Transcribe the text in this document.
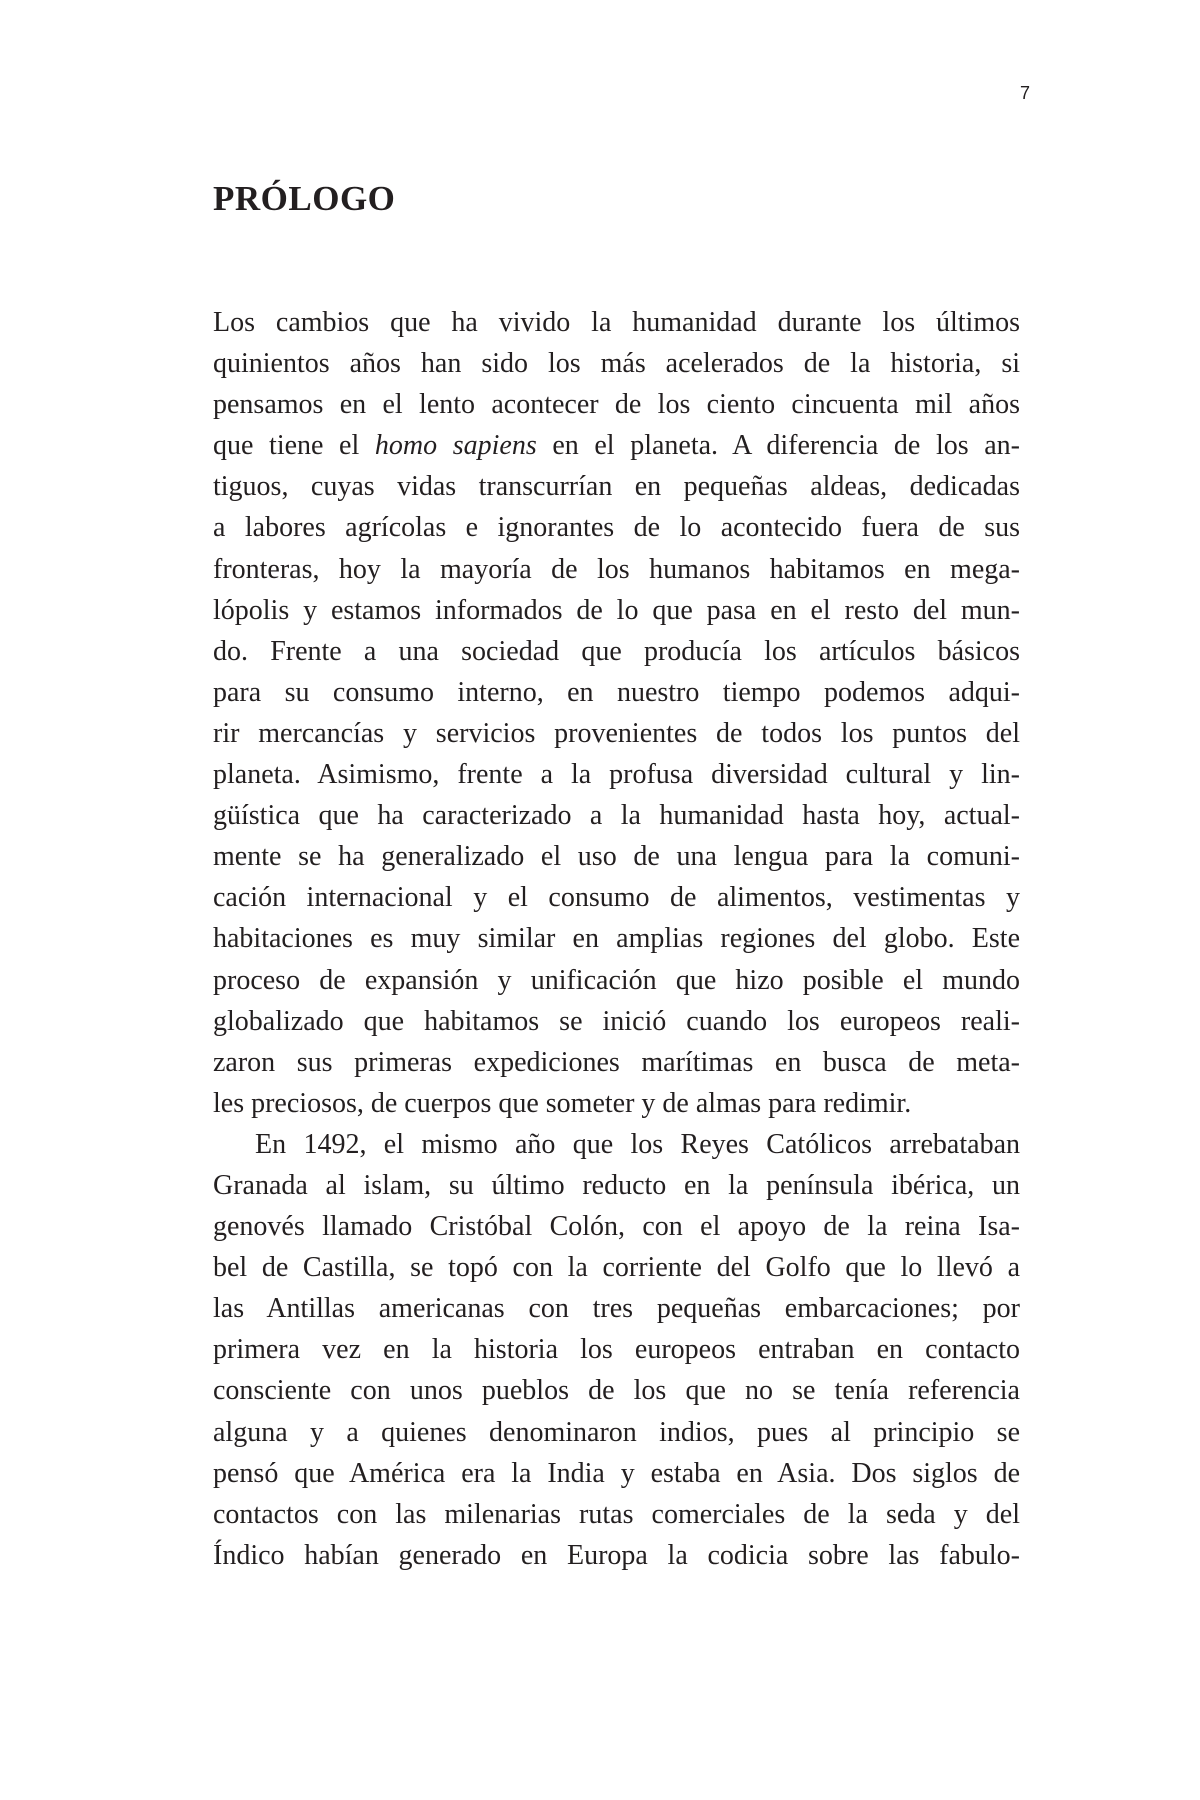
7
PRÓLOGO
Los cambios que ha vivido la humanidad durante los últimos
quinientos años han sido los más acelerados de la historia, si
pensamos en el lento acontecer de los ciento cincuenta mil años
que tiene el homo sapiens en el planeta. A diferencia de los an-
tiguos, cuyas vidas transcurrían en pequeñas aldeas, dedicadas
a labores agrícolas e ignorantes de lo acontecido fuera de sus
fronteras, hoy la mayoría de los humanos habitamos en mega-
lópolis y estamos informados de lo que pasa en el resto del mun-
do. Frente a una sociedad que producía los artículos básicos
para su consumo interno, en nuestro tiempo podemos adqui-
rir mercancías y servicios provenientes de todos los puntos del
planeta. Asimismo, frente a la profusa diversidad cultural y lin-
güística que ha caracterizado a la humanidad hasta hoy, actual-
mente se ha generalizado el uso de una lengua para la comuni-
cación internacional y el consumo de alimentos, vestimentas y
habitaciones es muy similar en amplias regiones del globo. Este
proceso de expansión y unificación que hizo posible el mundo
globalizado que habitamos se inició cuando los europeos reali-
zaron sus primeras expediciones marítimas en busca de meta-
les preciosos, de cuerpos que someter y de almas para redimir.
En 1492, el mismo año que los Reyes Católicos arrebataban
Granada al islam, su último reducto en la península ibérica, un
genovés llamado Cristóbal Colón, con el apoyo de la reina Isa-
bel de Castilla, se topó con la corriente del Golfo que lo llevó a
las Antillas americanas con tres pequeñas embarcaciones; por
primera vez en la historia los europeos entraban en contacto
consciente con unos pueblos de los que no se tenía referencia
alguna y a quienes denominaron indios, pues al principio se
pensó que América era la India y estaba en Asia. Dos siglos de
contactos con las milenarias rutas comerciales de la seda y del
Índico habían generado en Europa la codicia sobre las fabulo-
